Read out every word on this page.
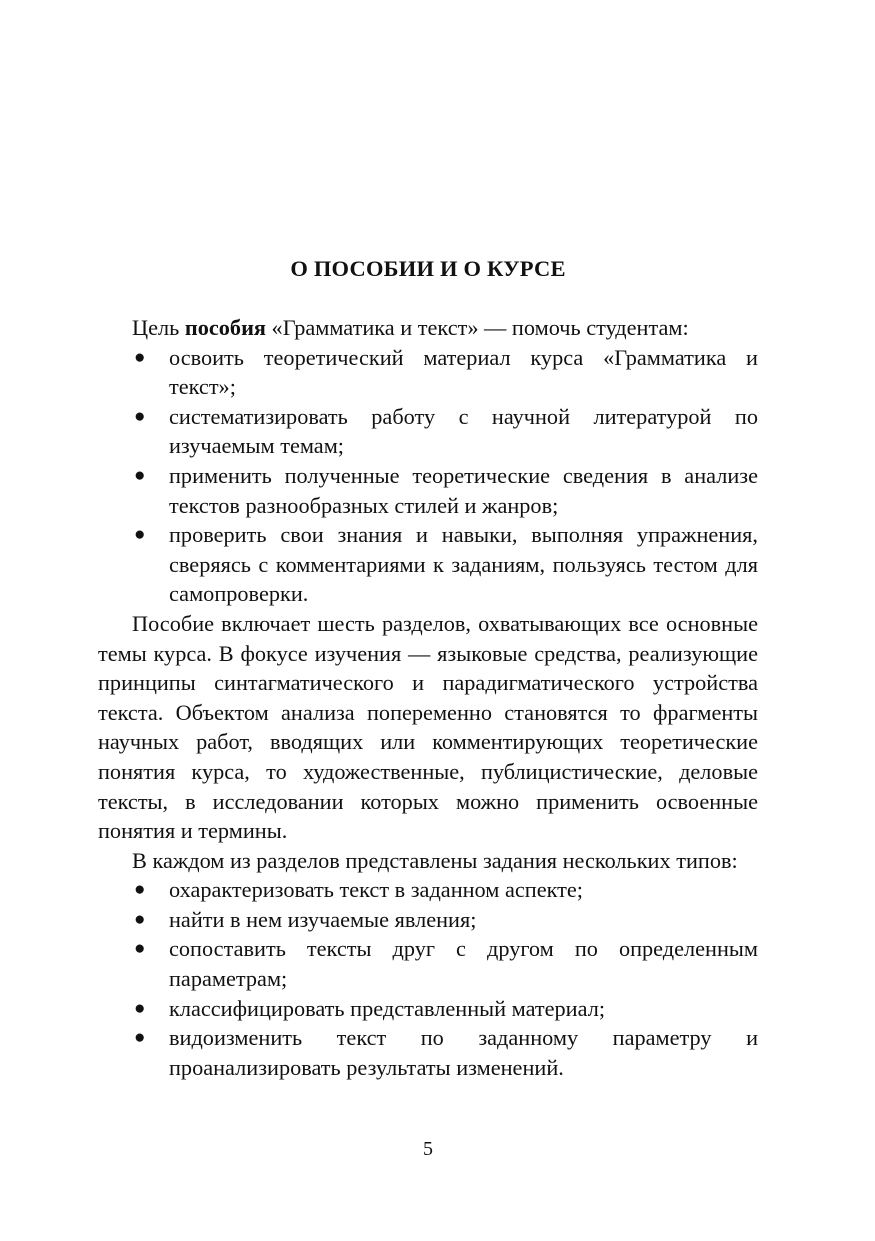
О ПОСОБИИ И О КУРСЕ

Цель пособия «Грамматика и текст» — помочь студентам:

● освоить теоретический материал курса «Грамматика и текст»;
● систематизировать работу с научной литературой по изучаемым темам;
● применить полученные теоретические сведения в анализе текстов разнообразных стилей и жанров;
● проверить свои знания и навыки, выполняя упражнения, сверяясь с комментариями к заданиям, пользуясь тестом для самопроверки.

Пособие включает шесть разделов, охватывающих все основные темы курса. В фокусе изучения — языковые средства, реализующие принципы синтагматического и парадигматического устройства текста. Объектом анализа попеременно становятся то фрагменты научных работ, вводящих или комментирующих теоретические понятия курса, то художественные, публицистические, деловые тексты, в исследовании которых можно применить освоенные понятия и термины.

В каждом из разделов представлены задания нескольких типов:

● охарактеризовать текст в заданном аспекте;
● найти в нем изучаемые явления;
● сопоставить тексты друг с другом по определенным параметрам;
● классифицировать представленный материал;
● видоизменить текст по заданному параметру и проанализировать результаты изменений.
5
